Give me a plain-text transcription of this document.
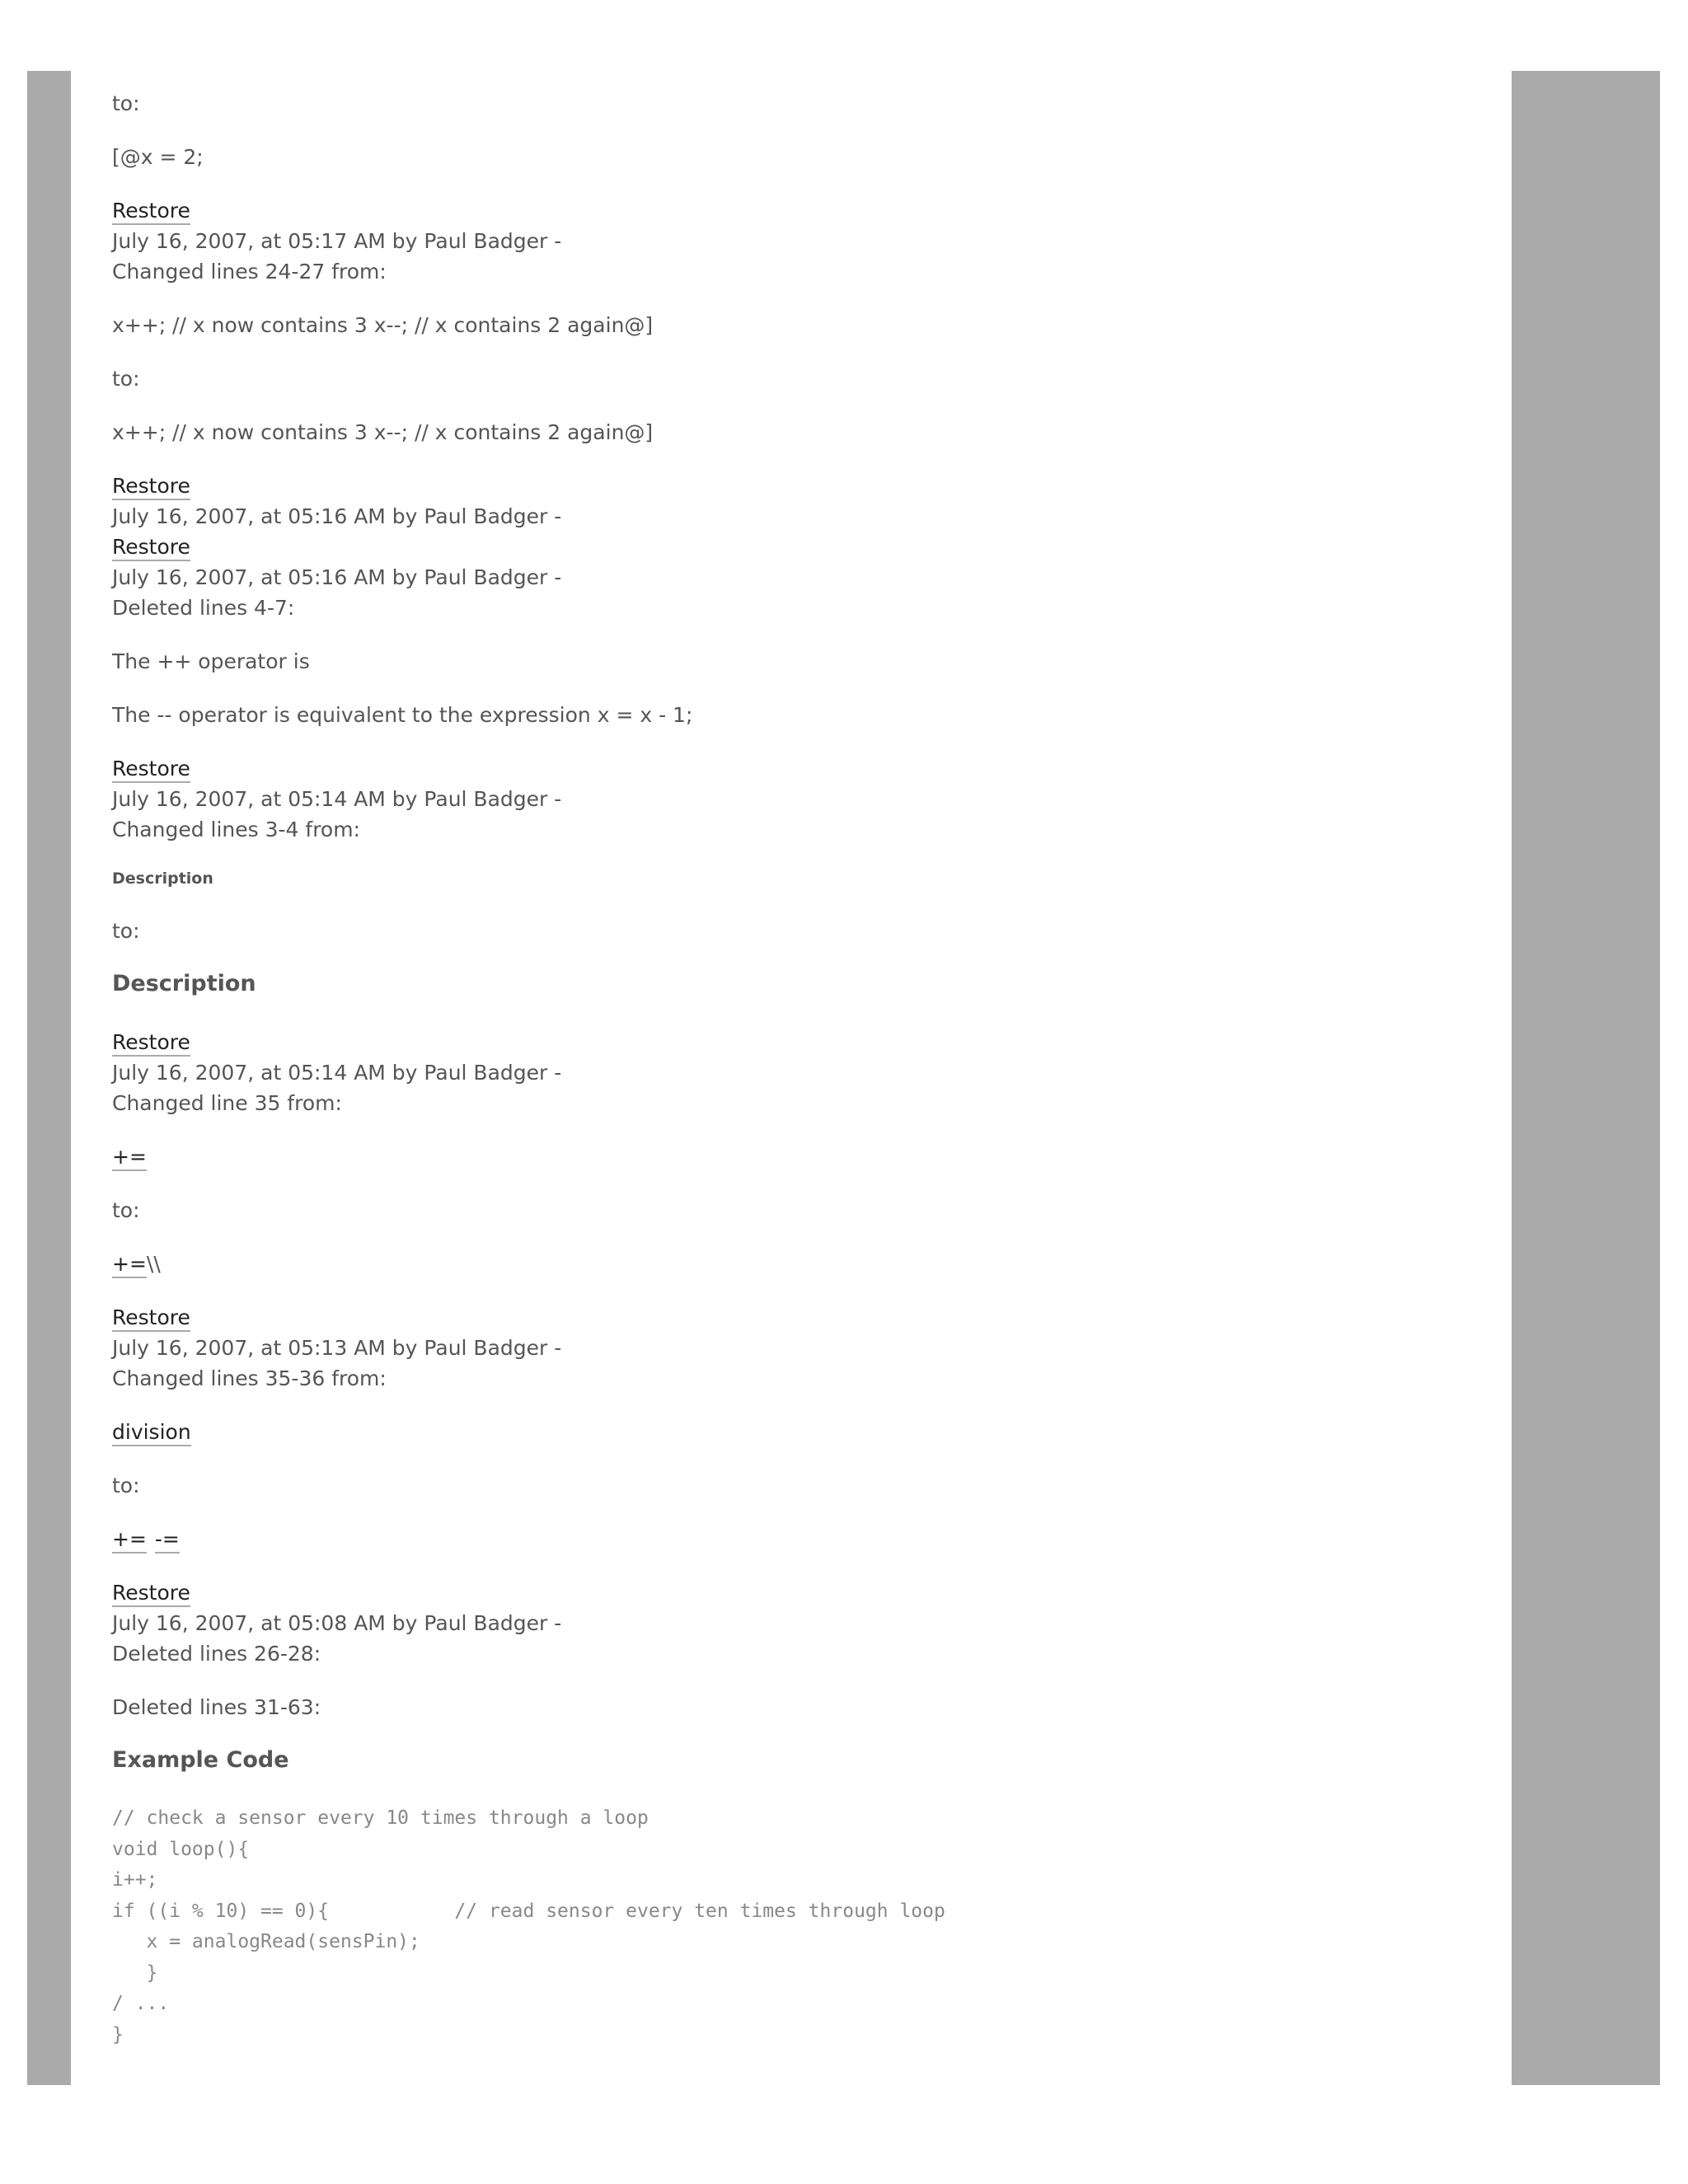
to:

[@x = 2;

Restore
July 16, 2007, at 05:17 AM by Paul Badger -
Changed lines 24-27 from:

x++; // x now contains 3 x--; // x contains 2 again@]

to:

x++; // x now contains 3 x--; // x contains 2 again@]

Restore
July 16, 2007, at 05:16 AM by Paul Badger -
Restore
July 16, 2007, at 05:16 AM by Paul Badger -
Deleted lines 4-7:

The ++ operator is

The -- operator is equivalent to the expression x = x - 1;

Restore
July 16, 2007, at 05:14 AM by Paul Badger -
Changed lines 3-4 from:
Description

to:

Description
Restore
July 16, 2007, at 05:14 AM by Paul Badger -
Changed line 35 from:

+=

to:

+=\\

Restore
July 16, 2007, at 05:13 AM by Paul Badger -
Changed lines 35-36 from:

division

to:

+= -=

Restore
July 16, 2007, at 05:08 AM by Paul Badger -
Deleted lines 26-28:

Deleted lines 31-63:

Example Code
// check a sensor every 10 times through a loop
void loop(){
i++;
if ((i % 10) == 0){           // read sensor every ten times through loop
x = analogRead(sensPin);
}
/ ...
}
